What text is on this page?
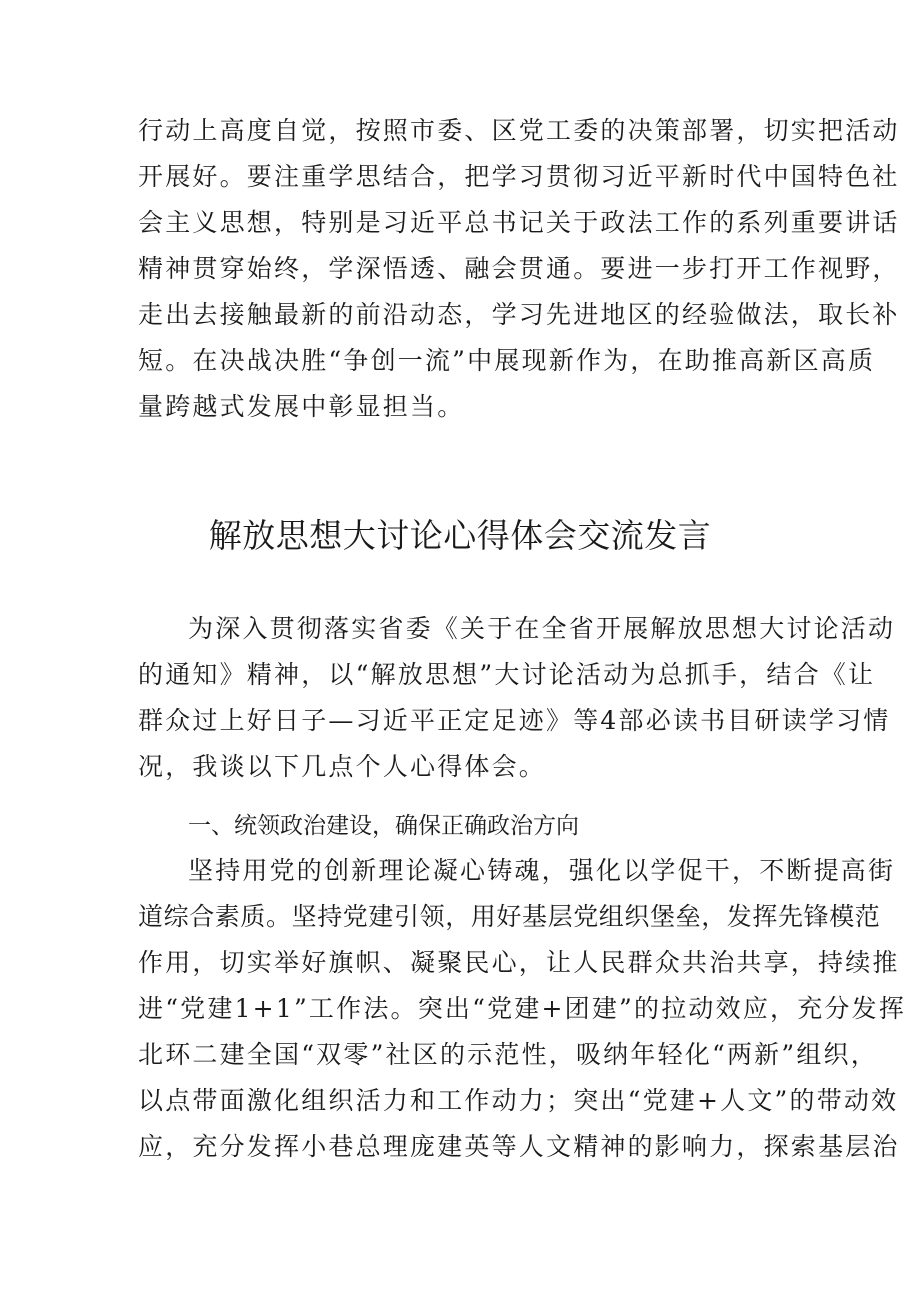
行动上高度自觉，按照市委、区党工委的决策部署，切实把活动
开展好。要注重学思结合，把学习贯彻习近平新时代中国特色社
会主义思想，特别是习近平总书记关于政法工作的系列重要讲话
精神贯穿始终，学深悟透、融会贯通。要进一步打开工作视野，
走出去接触最新的前沿动态，学习先进地区的经验做法，取长补
短。在决战决胜“争创一流”中展现新作为，在助推高新区高质
量跨越式发展中彰显担当。
解放思想大讨论心得体会交流发言
为深入贯彻落实省委《关于在全省开展解放思想大讨论活动
的通知》精神，以“解放思想”大讨论活动为总抓手，结合《让
群众过上好日子—习近平正定足迹》等4部必读书目研读学习情
况，我谈以下几点个人心得体会。
一、统领政治建设，确保正确政治方向
坚持用党的创新理论凝心铸魂，强化以学促干，不断提高街
道综合素质。坚持党建引领，用好基层党组织堡垒，发挥先锋模范
作用，切实举好旗帜、凝聚民心，让人民群众共治共享，持续推
进“党建1+1”工作法。突出“党建+团建”的拉动效应，充分发挥
北环二建全国“双零”社区的示范性，吸纳年轻化“两新”组织，
以点带面激化组织活力和工作动力；突出“党建+人文”的带动效
应，充分发挥小巷总理庞建英等人文精神的影响力，探索基层治
